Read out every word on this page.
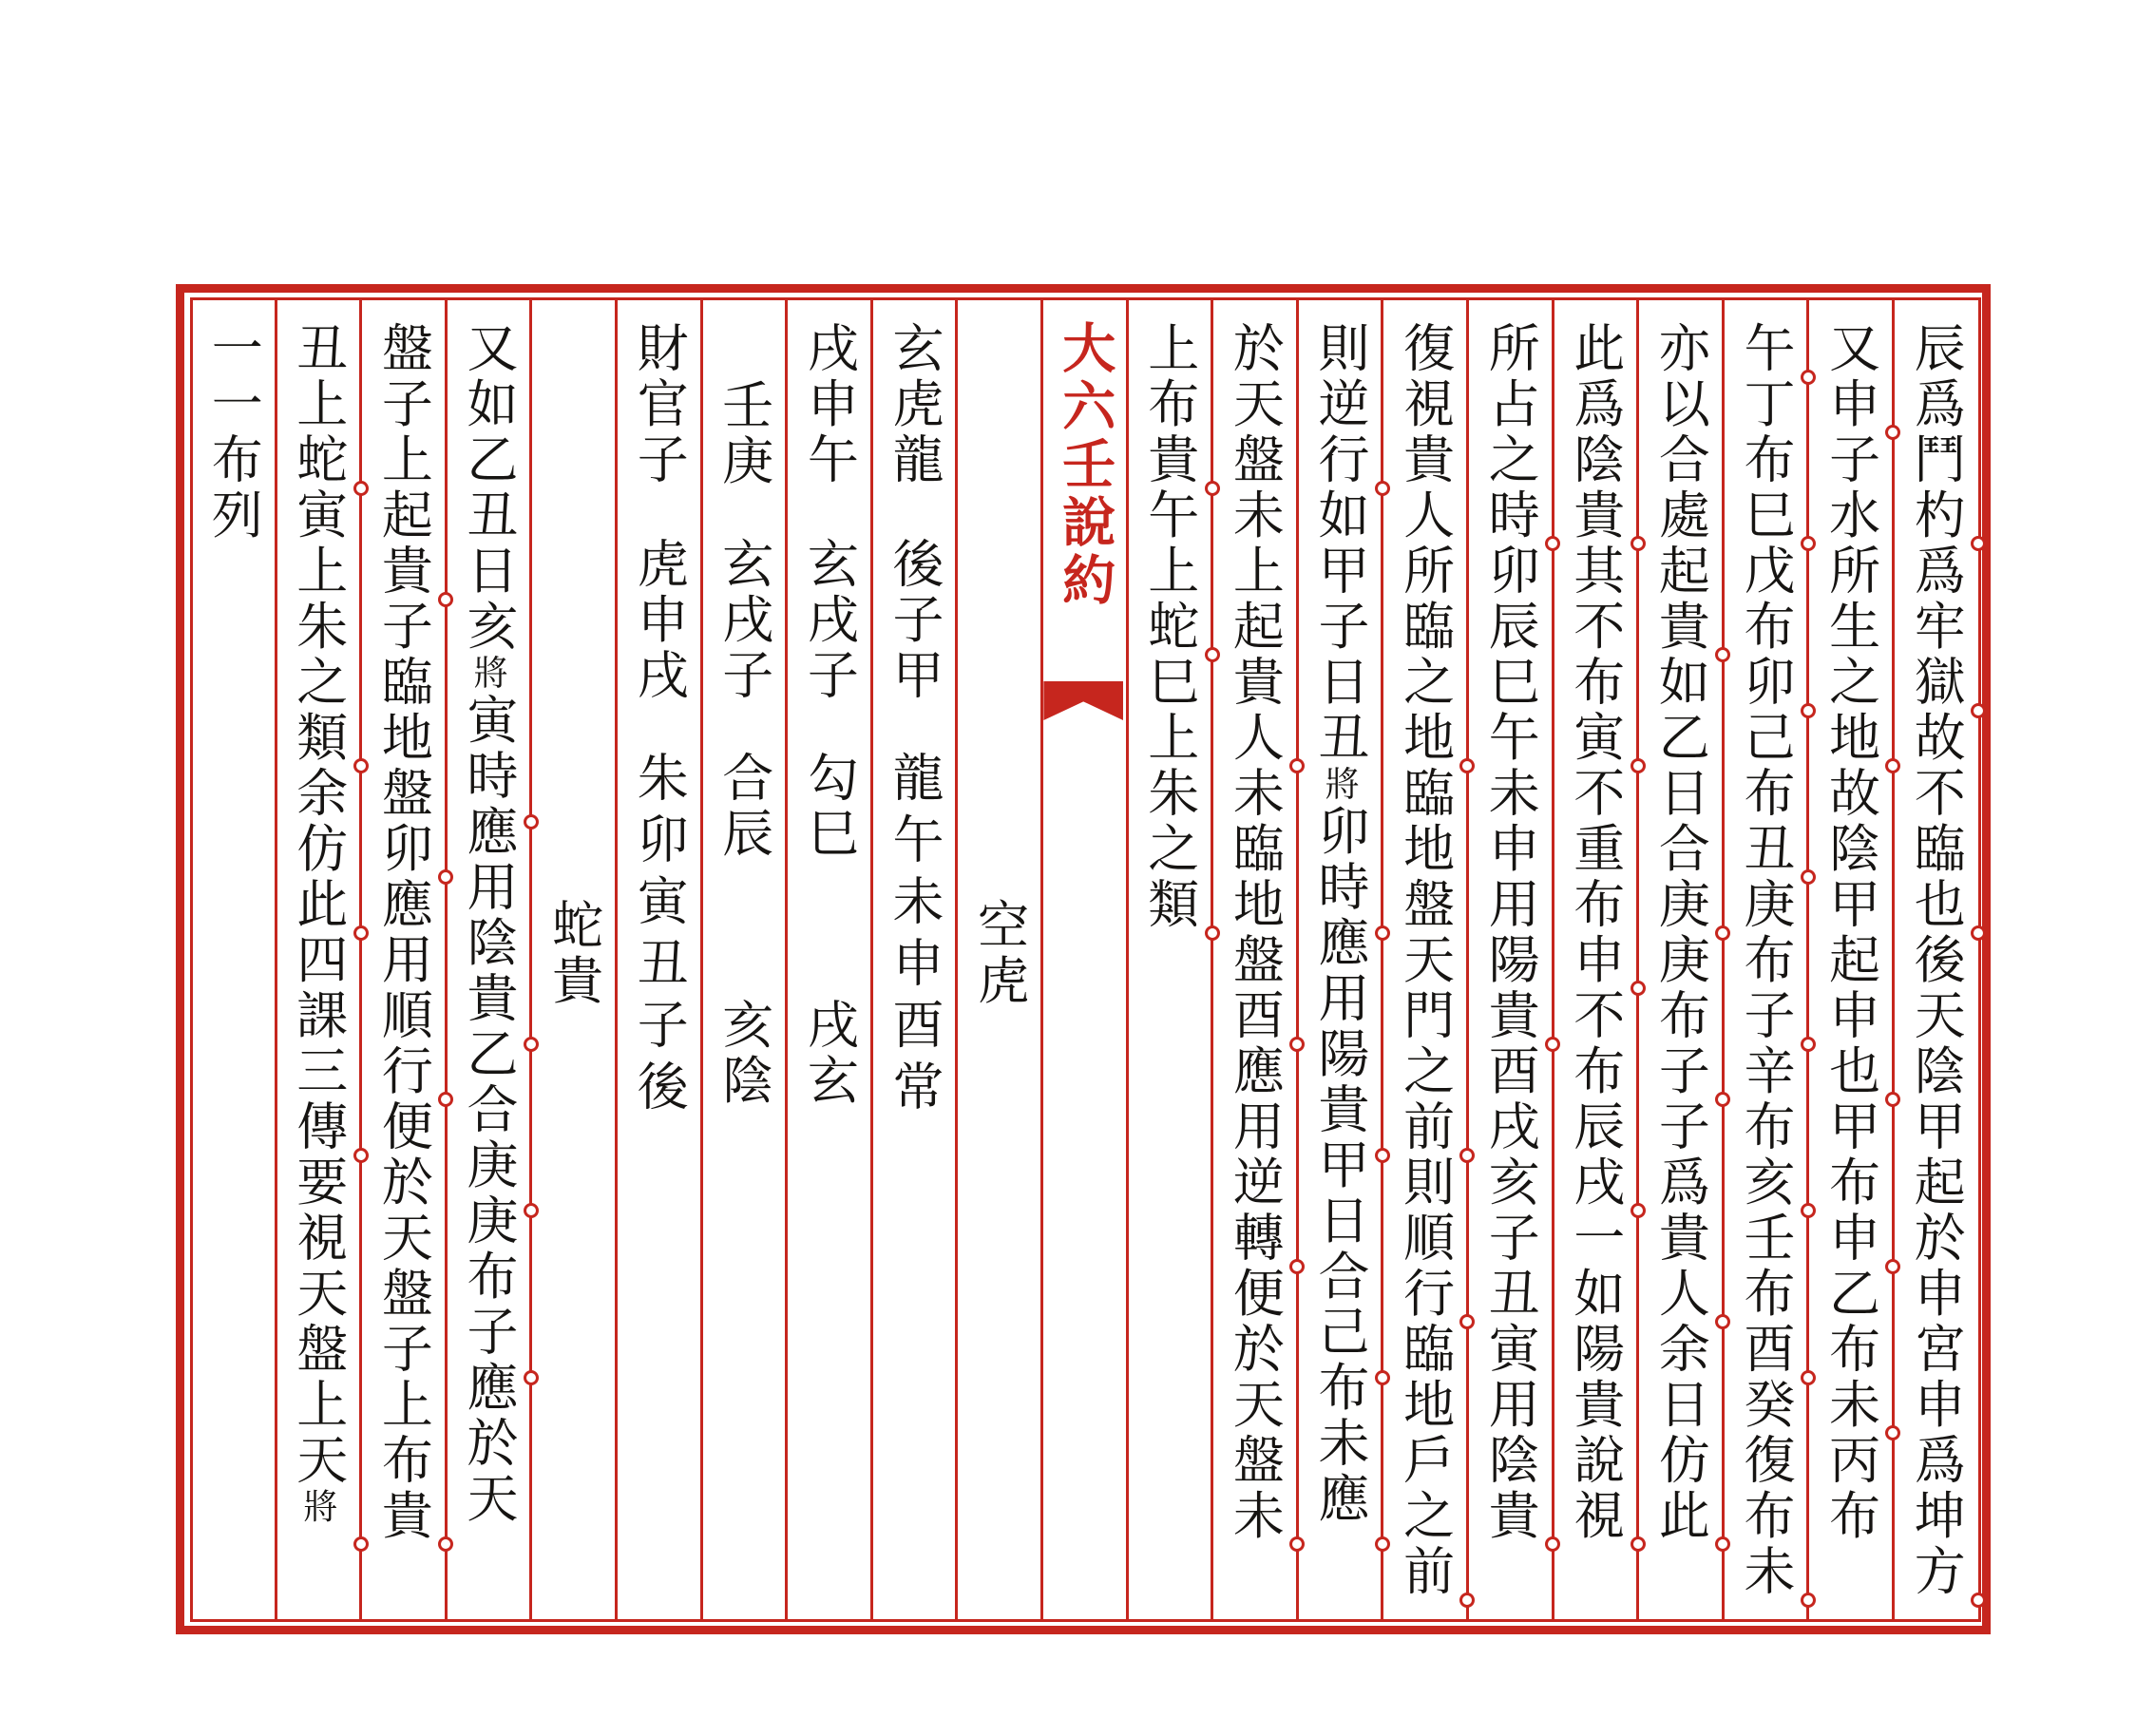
辰爲鬥杓爲牢獄故不臨也後天陰甲起於申宮申爲坤方
又申子水所生之地故陰甲起申也甲布申乙布未丙布
午丁布巳戊布卯己布丑庚布子辛布亥壬布酉癸復布未
亦以合處起貴如乙日合庚庚布子子爲貴人余日仿此
此爲陰貴其不布寅不重布申不布辰戌一如陽貴說視
所占之時卯辰巳午未申用陽貴酉戌亥子丑寅用陰貴
復視貴人所臨之地臨地盤天門之前則順行臨地戶之前
則逆行如甲子日丑將卯時應用陽貴甲日合己布未應
於天盤未上起貴人未臨地盤酉應用逆轉便於天盤未
上布貴午上蛇巳上朱之類
大六壬說約
空虎
玄虎龍
後子甲
龍午未申酉常
戌申午
玄戌子
勾巳
戌玄
壬庚
玄戌子
合辰
亥陰
財官子
虎申戌
朱卯寅丑子後
蛇貴
又如乙丑日亥將寅時應用陰貴乙合庚庚布子應於天
盤子上起貴子臨地盤卯應用順行便於天盤子上布貴
丑上蛇寅上朱之類余仿此四課三傳要視天盤上天將
一一布列
